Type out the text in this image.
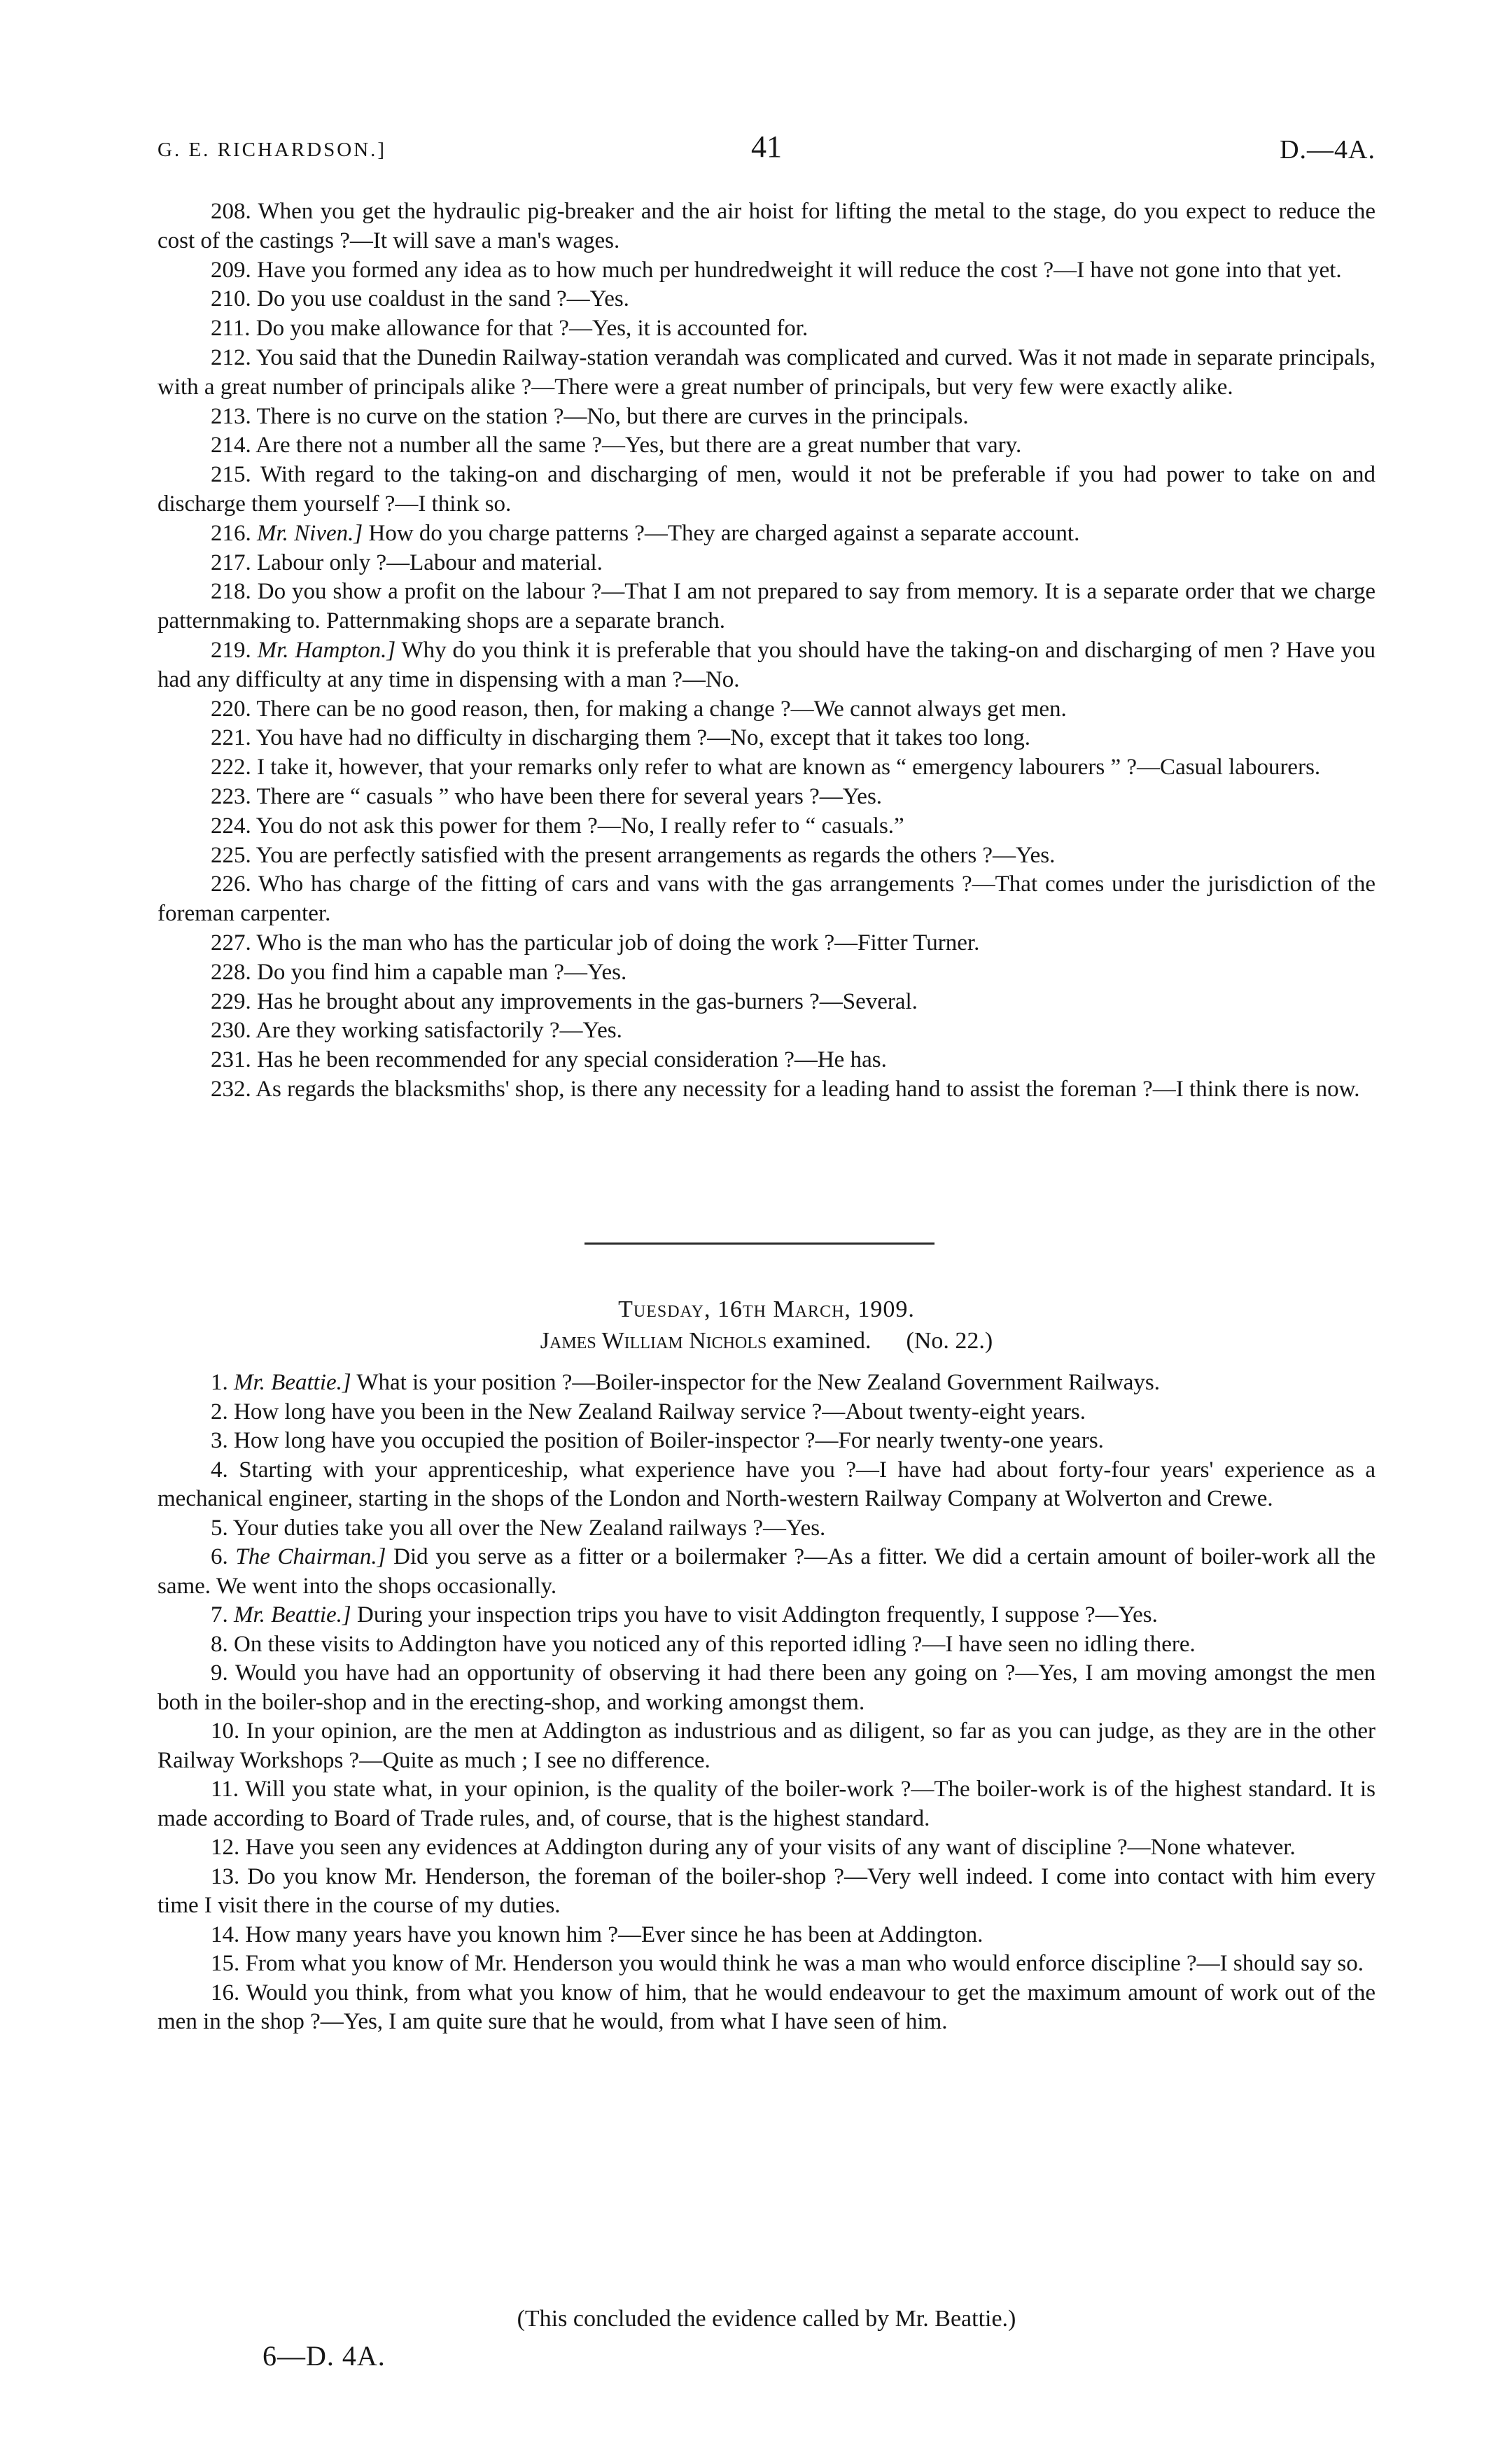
G. E. RICHARDSON.]	41	D.—4A.

208. When you get the hydraulic pig-breaker and the air hoist for lifting the metal to the stage, do you expect to reduce the cost of the castings ?—It will save a man's wages.

209. Have you formed any idea as to how much per hundredweight it will reduce the cost ?—I have not gone into that yet.

210. Do you use coaldust in the sand ?—Yes.

211. Do you make allowance for that ?—Yes, it is accounted for.

212. You said that the Dunedin Railway-station verandah was complicated and curved. Was it not made in separate principals, with a great number of principals alike ?—There were a great number of principals, but very few were exactly alike.

213. There is no curve on the station ?—No, but there are curves in the principals.

214. Are there not a number all the same ?—Yes, but there are a great number that vary.

215. With regard to the taking-on and discharging of men, would it not be preferable if you had power to take on and discharge them yourself ?—I think so.

216. Mr. Niven.] How do you charge patterns ?—They are charged against a separate account.

217. Labour only ?—Labour and material.

218. Do you show a profit on the labour ?—That I am not prepared to say from memory. It is a separate order that we charge patternmaking to. Patternmaking shops are a separate branch.

219. Mr. Hampton.] Why do you think it is preferable that you should have the taking-on and discharging of men ? Have you had any difficulty at any time in dispensing with a man ?—No.

220. There can be no good reason, then, for making a change ?—We cannot always get men.

221. You have had no difficulty in discharging them ?—No, except that it takes too long.

222. I take it, however, that your remarks only refer to what are known as “ emergency labourers ” ?—Casual labourers.

223. There are “ casuals ” who have been there for several years ?—Yes.

224. You do not ask this power for them ?—No, I really refer to “ casuals.”

225. You are perfectly satisfied with the present arrangements as regards the others ?—Yes.

226. Who has charge of the fitting of cars and vans with the gas arrangements ?—That comes under the jurisdiction of the foreman carpenter.

227. Who is the man who has the particular job of doing the work ?—Fitter Turner.

228. Do you find him a capable man ?—Yes.

229. Has he brought about any improvements in the gas-burners ?—Several.

230. Are they working satisfactorily ?—Yes.

231. Has he been recommended for any special consideration ?—He has.

232. As regards the blacksmiths' shop, is there any necessity for a leading hand to assist the foreman ?—I think there is now.

Tuesday, 16th March, 1909.
James William Nichols examined. (No. 22.)

1. Mr. Beattie.] What is your position ?—Boiler-inspector for the New Zealand Government Railways.

2. How long have you been in the New Zealand Railway service ?—About twenty-eight years.

3. How long have you occupied the position of Boiler-inspector ?—For nearly twenty-one years.

4. Starting with your apprenticeship, what experience have you ?—I have had about forty-four years' experience as a mechanical engineer, starting in the shops of the London and North-western Railway Company at Wolverton and Crewe.

5. Your duties take you all over the New Zealand railways ?—Yes.

6. The Chairman.] Did you serve as a fitter or a boilermaker ?—As a fitter. We did a certain amount of boiler-work all the same. We went into the shops occasionally.

7. Mr. Beattie.] During your inspection trips you have to visit Addington frequently, I suppose ?—Yes.

8. On these visits to Addington have you noticed any of this reported idling ?—I have seen no idling there.

9. Would you have had an opportunity of observing it had there been any going on ?—Yes, I am moving amongst the men both in the boiler-shop and in the erecting-shop, and working amongst them.

10. In your opinion, are the men at Addington as industrious and as diligent, so far as you can judge, as they are in the other Railway Workshops ?—Quite as much ; I see no difference.

11. Will you state what, in your opinion, is the quality of the boiler-work ?—The boiler-work is of the highest standard. It is made according to Board of Trade rules, and, of course, that is the highest standard.

12. Have you seen any evidences at Addington during any of your visits of any want of discipline ?—None whatever.

13. Do you know Mr. Henderson, the foreman of the boiler-shop ?—Very well indeed. I come into contact with him every time I visit there in the course of my duties.

14. How many years have you known him ?—Ever since he has been at Addington.

15. From what you know of Mr. Henderson you would think he was a man who would enforce discipline ?—I should say so.

16. Would you think, from what you know of him, that he would endeavour to get the maximum amount of work out of the men in the shop ?—Yes, I am quite sure that he would, from what I have seen of him.

(This concluded the evidence called by Mr. Beattie.)
6—D. 4A.
